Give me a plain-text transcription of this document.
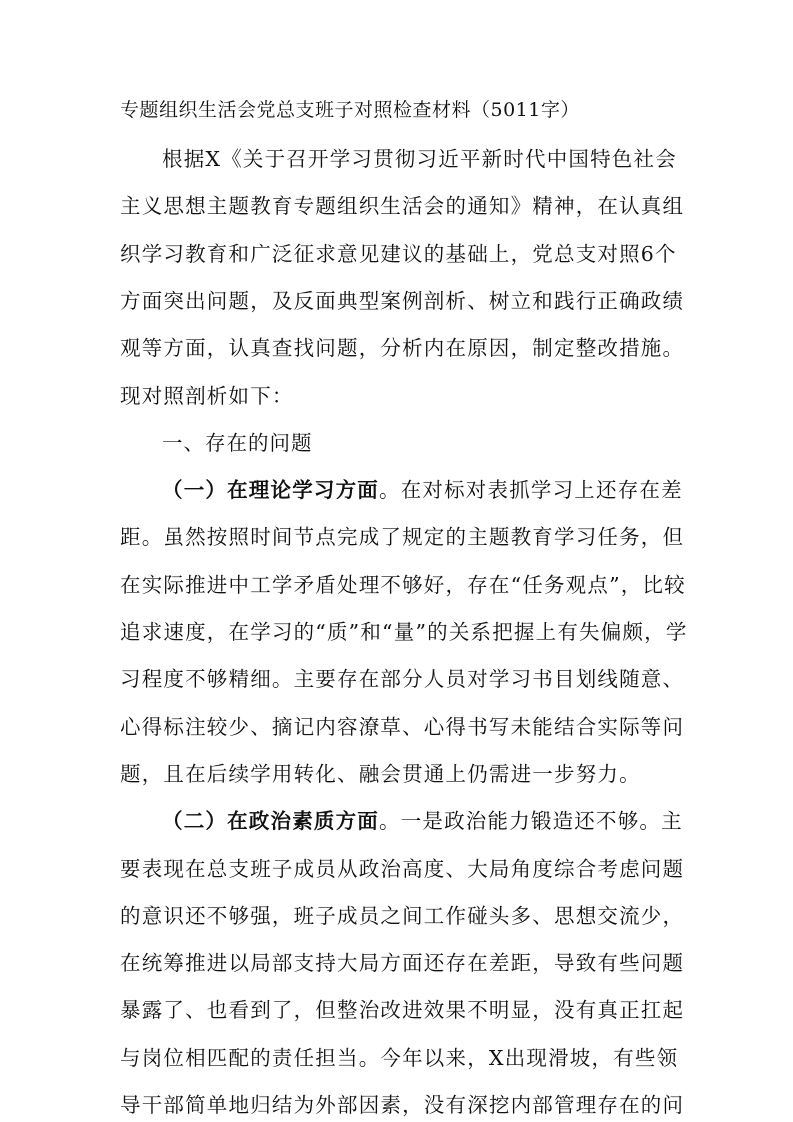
专题组织生活会党总支班子对照检查材料（5011字）
根据X《关于召开学习贯彻习近平新时代中国特色社会
主义思想主题教育专题组织生活会的通知》精神，在认真组
织学习教育和广泛征求意见建议的基础上，党总支对照6个
方面突出问题，及反面典型案例剖析、树立和践行正确政绩
观等方面，认真查找问题，分析内在原因，制定整改措施。
现对照剖析如下：
一、存在的问题
（一）在理论学习方面。在对标对表抓学习上还存在差
距。虽然按照时间节点完成了规定的主题教育学习任务，但
在实际推进中工学矛盾处理不够好，存在“任务观点”，比较
追求速度，在学习的“质”和“量”的关系把握上有失偏颇，学
习程度不够精细。主要存在部分人员对学习书目划线随意、
心得标注较少、摘记内容潦草、心得书写未能结合实际等问
题，且在后续学用转化、融会贯通上仍需进一步努力。
（二）在政治素质方面。一是政治能力锻造还不够。主
要表现在总支班子成员从政治高度、大局角度综合考虑问题
的意识还不够强，班子成员之间工作碰头多、思想交流少，
在统筹推进以局部支持大局方面还存在差距，导致有些问题
暴露了、也看到了，但整治改进效果不明显，没有真正扛起
与岗位相匹配的责任担当。今年以来，X出现滑坡，有些领
导干部简单地归结为外部因素，没有深挖内部管理存在的问
